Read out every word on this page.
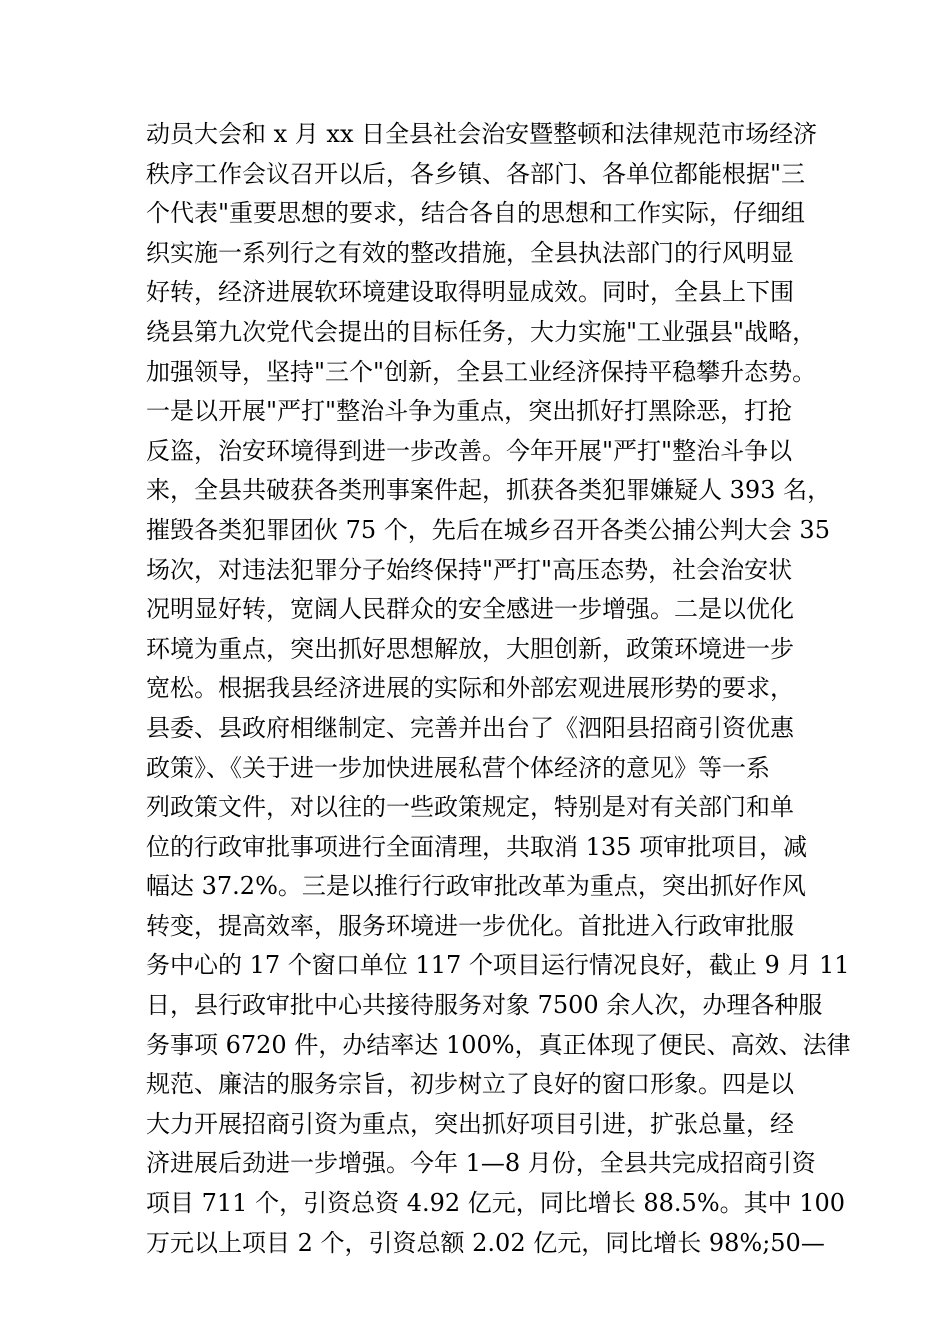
动员大会和 x 月 xx 日全县社会治安暨整顿和法律规范市场经济
秩序工作会议召开以后，各乡镇、各部门、各单位都能根据"三
个代表"重要思想的要求，结合各自的思想和工作实际，仔细组
织实施一系列行之有效的整改措施，全县执法部门的行风明显
好转，经济进展软环境建设取得明显成效。同时，全县上下围
绕县第九次党代会提出的目标任务，大力实施"工业强县"战略，
加强领导，坚持"三个"创新，全县工业经济保持平稳攀升态势。
一是以开展"严打"整治斗争为重点，突出抓好打黑除恶，打抢
反盗，治安环境得到进一步改善。今年开展"严打"整治斗争以
来，全县共破获各类刑事案件起，抓获各类犯罪嫌疑人 393 名，
摧毁各类犯罪团伙 75 个，先后在城乡召开各类公捕公判大会 35
场次，对违法犯罪分子始终保持"严打"高压态势，社会治安状
况明显好转，宽阔人民群众的安全感进一步增强。二是以优化
环境为重点，突出抓好思想解放，大胆创新，政策环境进一步
宽松。根据我县经济进展的实际和外部宏观进展形势的要求，
县委、县政府相继制定、完善并出台了《泗阳县招商引资优惠
政策》、《关于进一步加快进展私营个体经济的意见》等一系
列政策文件，对以往的一些政策规定，特别是对有关部门和单
位的行政审批事项进行全面清理，共取消 135 项审批项目，减
幅达 37.2%。三是以推行行政审批改革为重点，突出抓好作风
转变，提高效率，服务环境进一步优化。首批进入行政审批服
务中心的 17 个窗口单位 117 个项目运行情况良好，截止 9 月 11
日，县行政审批中心共接待服务对象 7500 余人次，办理各种服
务事项 6720 件，办结率达 100%，真正体现了便民、高效、法律
规范、廉洁的服务宗旨，初步树立了良好的窗口形象。四是以
大力开展招商引资为重点，突出抓好项目引进，扩张总量，经
济进展后劲进一步增强。今年 1—8 月份，全县共完成招商引资
项目 711 个，引资总资 4.92 亿元，同比增长 88.5%。其中 100
万元以上项目 2 个，引资总额 2.02 亿元，同比增长 98%;50—
